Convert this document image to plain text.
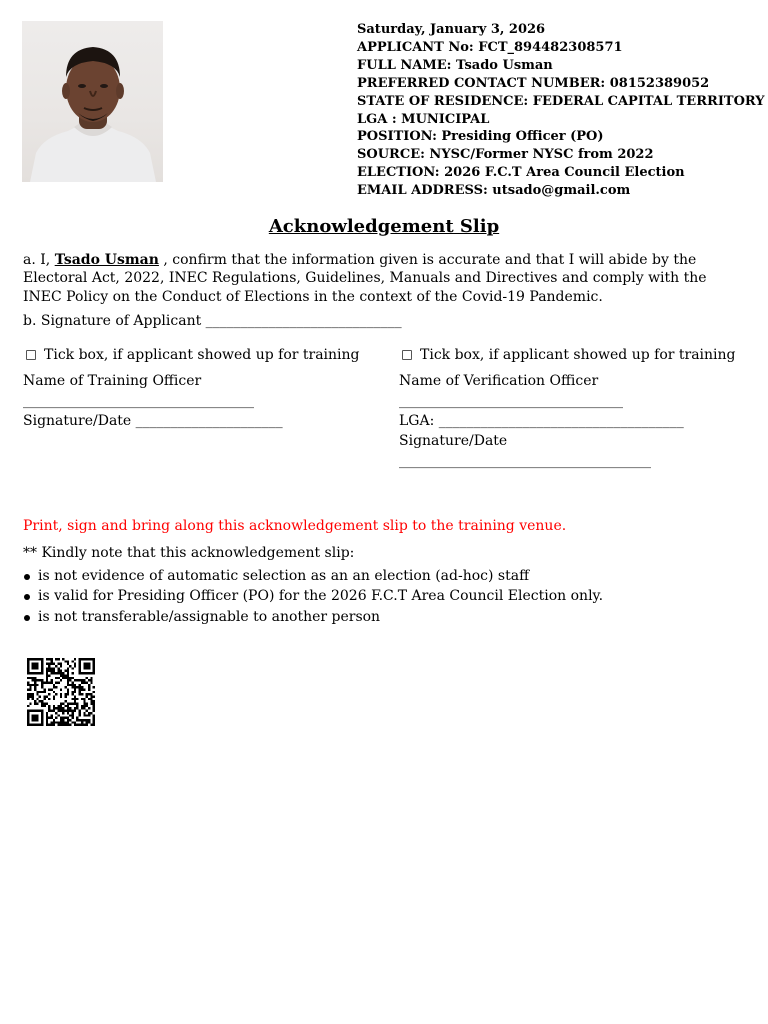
Saturday, January 3, 2026
APPLICANT No: FCT_894482308571
FULL NAME: Tsado Usman
PREFERRED CONTACT NUMBER: 08152389052
STATE OF RESIDENCE: FEDERAL CAPITAL TERRITORY
LGA : MUNICIPAL
POSITION: Presiding Officer (PO)
SOURCE: NYSC/Former NYSC from 2022
ELECTION: 2026 F.C.T Area Council Election
EMAIL ADDRESS: utsado@gmail.com
Acknowledgement Slip
a. I, Tsado Usman , confirm that the information given is accurate and that I will abide by the Electoral Act, 2022, INEC Regulations, Guidelines, Manuals and Directives and comply with the INEC Policy on the Conduct of Elections in the context of the Covid-19 Pandemic.
b. Signature of Applicant ____________________________
Tick box, if applicant showed up for training
Name of Training Officer
_________________________________
Signature/Date _____________________
Tick box, if applicant showed up for training
Name of Verification Officer
________________________________
LGA: ___________________________________
Signature/Date
____________________________________
Print, sign and bring along this acknowledgement slip to the training venue.
** Kindly note that this acknowledgement slip:
is not evidence of automatic selection as an an election (ad-hoc) staff
is valid for Presiding Officer (PO) for the 2026 F.C.T Area Council Election only.
is not transferable/assignable to another person
